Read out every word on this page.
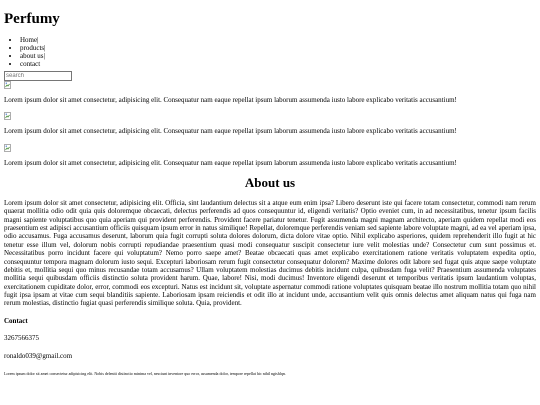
Perfumy
• Home|
• products|
• about us|
• contact
search

Lorem ipsum dolor sit amet consectetur, adipisicing elit. Consequatur nam eaque repellat ipsum laborum assumenda iusto labore explicabo veritatis accusantium!

Lorem ipsum dolor sit amet consectetur, adipisicing elit. Consequatur nam eaque repellat ipsum laborum assumenda iusto labore explicabo veritatis accusantium!

Lorem ipsum dolor sit amet consectetur, adipisicing elit. Consequatur nam eaque repellat ipsum laborum assumenda iusto labore explicabo veritatis accusantium!

About us

Lorem ipsum dolor sit amet consectetur, adipisicing elit. Officia, sint laudantium delectus sit a atque eum enim ipsa? Libero deserunt iste qui facere totam consectetur, commodi nam rerum quaerat mollitia odio odit quia quis doloremque obcaecati, delectus perferendis ad quos consequuntur id, eligendi veritatis? Optio eveniet cum, in ad necessitatibus, tenetur ipsum facilis magni sapiente voluptatibus quo quia aperiam qui provident perferendis. Provident facere pariatur tenetur. Fugit assumenda magni magnam architecto, aperiam quidem repellat modi eos praesentium est adipisci accusantium officiis quisquam ipsum error in natus similique! Repellat, doloremque perferendis veniam sed sapiente labore voluptate magni, ad ea vel aperiam ipsa, odio accusamus. Fuga accusamus deserunt, laborum quia fugit corrupti soluta dolores dolorum, dicta dolore vitae optio. Nihil explicabo asperiores, quidem reprehenderit illo fugit at hic tenetur esse illum vel, dolorum nobis corrupti repudiandae praesentium quasi modi consequatur suscipit consectetur iure velit molestias unde? Consectetur cum sunt possimus et. Necessitatibus porro incidunt facere qui voluptatum? Nemo porro saepe amet? Beatae obcaecati quas amet explicabo exercitationem ratione veritatis voluptatem expedita optio, consequuntur tempora magnam dolorum iusto sequi. Excepturi laboriosam rerum fugit consectetur consequatur dolorem? Maxime dolores odit labore sed fugat quis atque saepe voluptate debitis et, mollitia sequi quo minus recusandae totam accusamus? Ullam voluptatem molestias ducimus debitis incidunt culpa, quibusdam fuga velit? Praesentium assumenda voluptates mollitia sequi quibusdam officiis distinctio soluta provident harum. Quae, labore! Nisi, modi ducimus! Inventore eligendi deserunt et temporibus veritatis ipsum laudantium voluptas, exercitationem cupiditate dolor, error, commodi eos excepturi. Natus est incidunt sit, voluptate aspernatur commodi ratione voluptates quisquam beatae illo nostrum mollitia totam quo nihil fugit ipsa ipsam at vitae cum sequi blanditiis sapiente. Laboriosam ipsam reiciendis et odit illo at incidunt unde, accusantium velit quis omnis delectus amet aliquam natus qui fuga nam rerum molestias, distinctio fugiat quasi perferendis similique soluta. Quia, provident.

Contact

3267566375

ronaldo039@gmail.com

Lorem ipsum dolor sit amet consectetur adipisicing elit. Nobis deleniti distinctio minima vel, nesciunt inventore quo error, assumenda dolor, tempore repellat hic nihil ngishlqn.
